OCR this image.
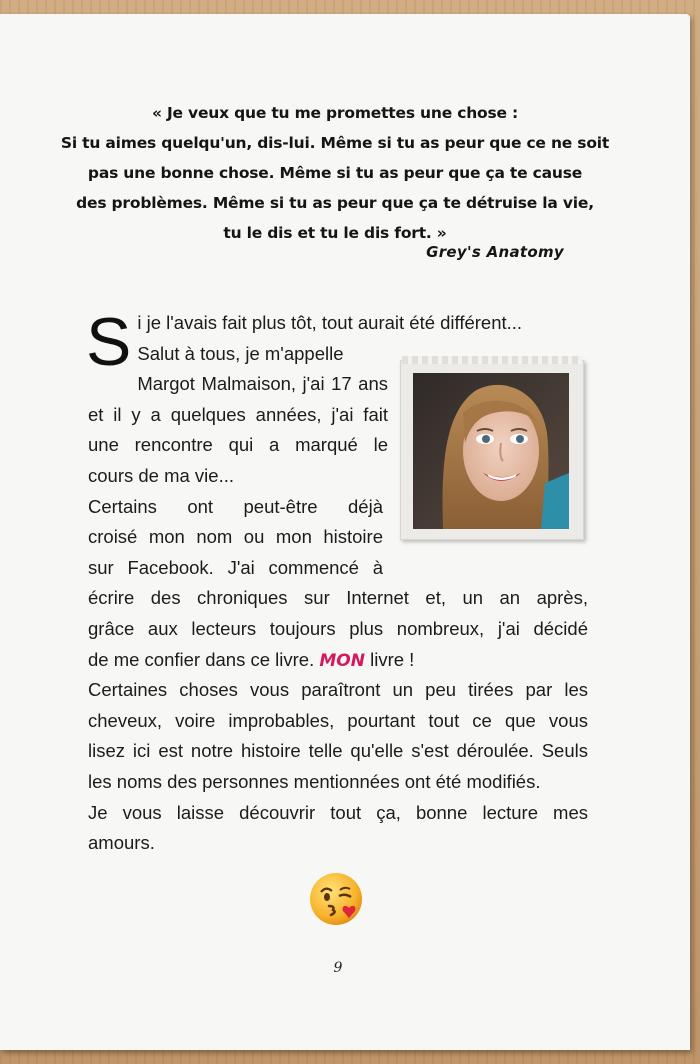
« Je veux que tu me promettes une chose :
Si tu aimes quelqu'un, dis-lui. Même si tu as peur que ce ne soit
pas une bonne chose. Même si tu as peur que ça te cause
des problèmes. Même si tu as peur que ça te détruise la vie,
tu le dis et tu le dis fort. »
Grey's Anatomy
S i je l'avais fait plus tôt, tout aurait été différent...
Salut à tous, je m'appelle
Margot Malmaison, j'ai 17 ans
et il y a quelques années, j'ai fait
une rencontre qui a marqué le
cours de ma vie...
Certains ont peut-être déjà
croisé mon nom ou mon histoire
sur Facebook. J'ai commencé à
écrire des chroniques sur Internet et, un an après,
grâce aux lecteurs toujours plus nombreux, j'ai décidé
de me confier dans ce livre. MON livre !
Certaines choses vous paraîtront un peu tirées par les
cheveux, voire improbables, pourtant tout ce que vous
lisez ici est notre histoire telle qu'elle s'est déroulée. Seuls
les noms des personnes mentionnées ont été modifiés.
Je vous laisse découvrir tout ça, bonne lecture mes
amours.
9
